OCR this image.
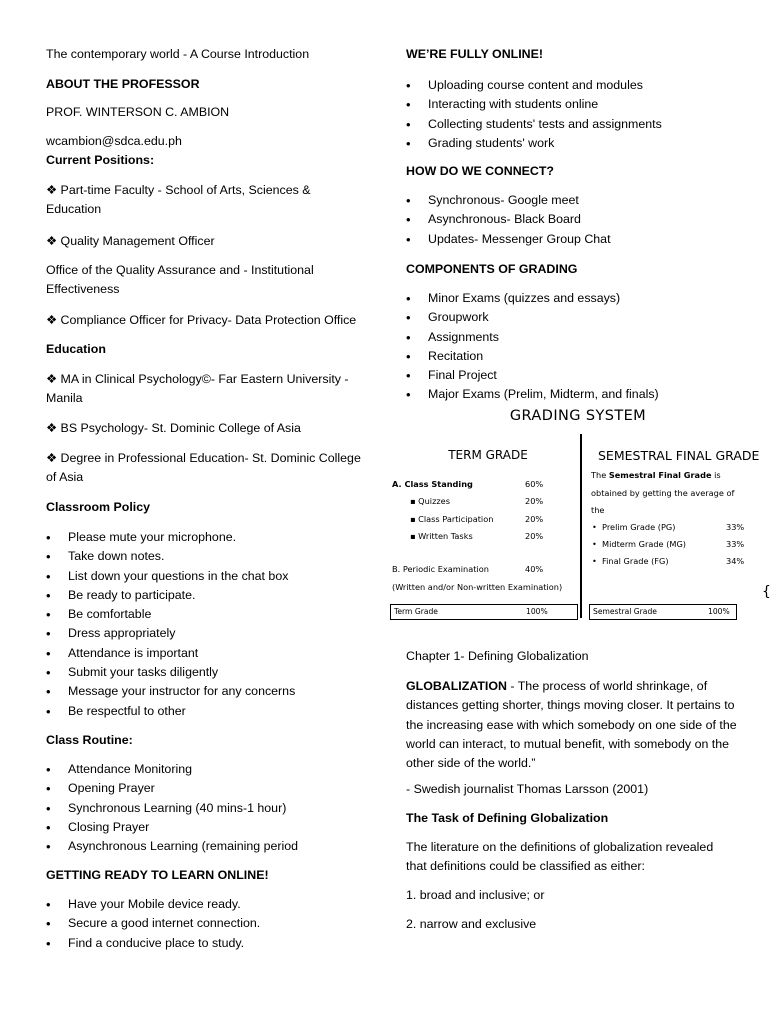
The contemporary world - A Course Introduction

ABOUT THE PROFESSOR

PROF. WINTERSON C. AMBION

wcambion@sdca.edu.ph

Current Positions:

❖ Part-time Faculty - School of Arts, Sciences & Education

❖ Quality Management Officer

Office of the Quality Assurance and - Institutional Effectiveness

❖ Compliance Officer for Privacy- Data Protection Office

Education

❖ MA in Clinical Psychology©- Far Eastern University - Manila

❖ BS Psychology- St. Dominic College of Asia

❖ Degree in Professional Education- St. Dominic College of Asia

Classroom Policy

• Please mute your microphone.
• Take down notes.
• List down your questions in the chat box
• Be ready to participate.
• Be comfortable
• Dress appropriately
• Attendance is important
• Submit your tasks diligently
• Message your instructor for any concerns
• Be respectful to other

Class Routine:

• Attendance Monitoring
• Opening Prayer
• Synchronous Learning (40 mins-1 hour)
• Closing Prayer
• Asynchronous Learning (remaining period

GETTING READY TO LEARN ONLINE!

• Have your Mobile device ready.
• Secure a good internet connection.
• Find a conducive place to study.

WE’RE FULLY ONLINE!

• Uploading course content and modules
• Interacting with students online
• Collecting students' tests and assignments
• Grading students' work

HOW DO WE CONNECT?

• Synchronous- Google meet
• Asynchronous- Black Board
• Updates- Messenger Group Chat

COMPONENTS OF GRADING

• Minor Exams (quizzes and essays)
• Groupwork
• Assignments
• Recitation
• Final Project
• Major Exams (Prelim, Midterm, and finals)

Chapter 1- Defining Globalization

GLOBALIZATION - The process of world shrinkage, of distances getting shorter, things moving closer. It pertains to the increasing ease with which somebody on one side of the world can interact, to mutual benefit, with somebody on the other side of the world.”

- Swedish journalist Thomas Larsson (2001)

The Task of Defining Globalization

The literature on the definitions of globalization revealed that definitions could be classified as either:

1. broad and inclusive; or

2. narrow and exclusive

GRADING SYSTEM
TERM GRADE
A. Class Standing	60%
▪ Quizzes	20%
▪ Class Participation	20%
▪ Written Tasks	20%
B. Periodic Examination	40%
(Written and/or Non-written Examination)
Term Grade	100%
SEMESTRAL FINAL GRADE
The Semestral Final Grade is
obtained by getting the average of
the
•  Prelim Grade (PG)	33%
•  Midterm Grade (MG)	33%
•  Final Grade (FG)	34%
{
Semestral Grade	100%
